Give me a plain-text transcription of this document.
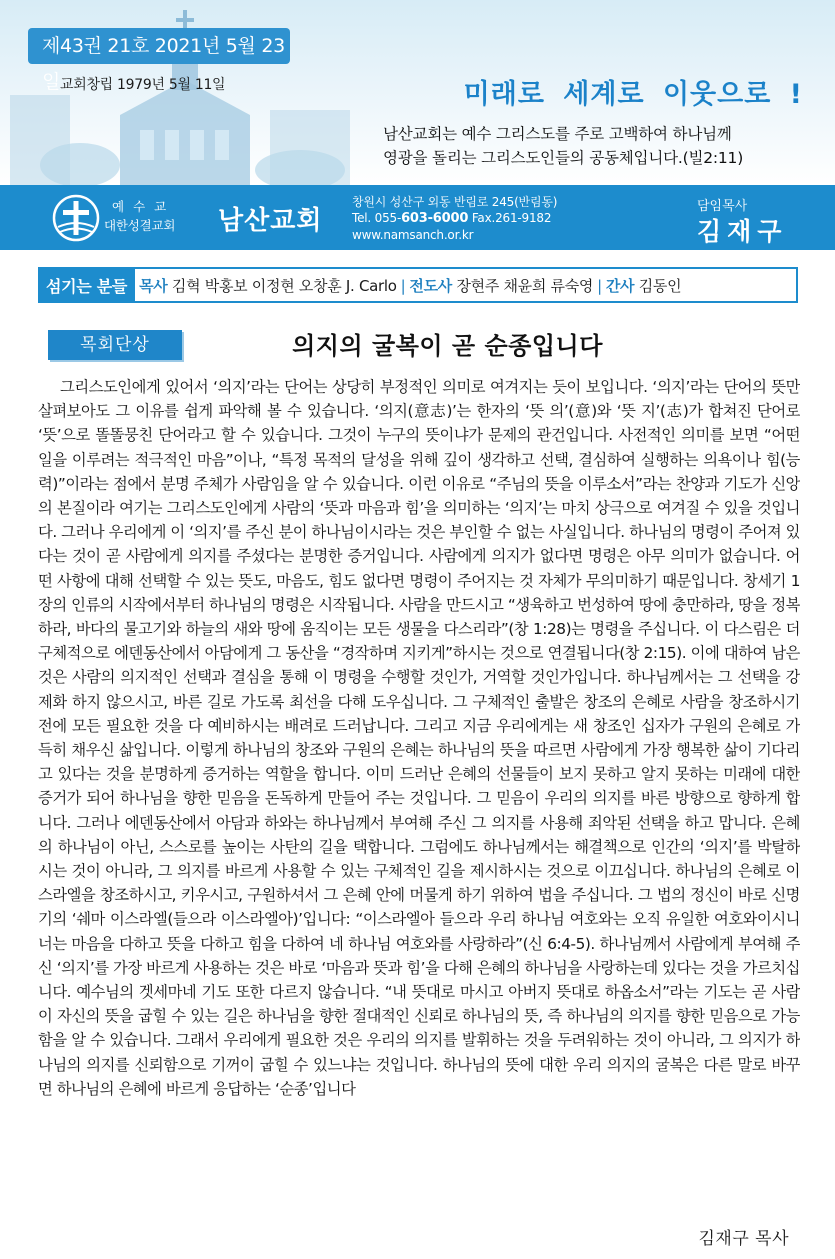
제43권 21호 2021년 5월 23일 교회창립 1979년 5월 11일	미래로 세계로 이웃으로 !
남산교회는 예수 그리스도를 주로 고백하여 하나님께
영광을 돌리는 그리스도인들의 공동체입니다.(빌2:11)
예수교
대한성결교회 남산교회
창원시 성산구 외동 반림로 245(반림동)
Tel. 055-603-6000 Fax.261-9182
www.namsanch.or.kr
담임목사
김재구
섬기는 분들 목사 김혁 박홍보 이정현 오창훈 J. Carlo | 전도사 장현주 채윤희 류숙영 | 간사 김동인
목회단상	의지의 굴복이 곧 순종입니다
그리스도인에게 있어서 ‘의지’라는 단어는 상당히 부정적인 의미로 여겨지는 듯이 보입니다. ‘의지’라는 단어의 뜻만 살펴보아도 그 이유를 쉽게 파악해 볼 수 있습니다. ‘의지(意志)’는 한자의 ‘뜻 의’(意)와 ‘뜻 지’(志)가 합쳐진 단어로 ‘뜻’으로 똘똘뭉친 단어라고 할 수 있습니다. 그것이 누구의 뜻이냐가 문제의 관건입니다. 사전적인 의미를 보면 “어떤 일을 이루려는 적극적인 마음”이나, “특정 목적의 달성을 위해 깊이 생각하고 선택, 결심하여 실행하는 의욕이나 힘(능력)”이라는 점에서 분명 주체가 사람임을 알 수 있습니다. 이런 이유로 “주님의 뜻을 이루소서”라는 찬양과 기도가 신앙의 본질이라 여기는 그리스도인에게 사람의 ‘뜻과 마음과 힘’을 의미하는 ‘의지’는 마치 상극으로 여겨질 수 있을 것입니다. 그러나 우리에게 이 ‘의지’를 주신 분이 하나님이시라는 것은 부인할 수 없는 사실입니다. 하나님의 명령이 주어져 있다는 것이 곧 사람에게 의지를 주셨다는 분명한 증거입니다. 사람에게 의지가 없다면 명령은 아무 의미가 없습니다. 어떤 사항에 대해 선택할 수 있는 뜻도, 마음도, 힘도 없다면 명령이 주어지는 것 자체가 무의미하기 때문입니다. 창세기 1장의 인류의 시작에서부터 하나님의 명령은 시작됩니다. 사람을 만드시고 “생육하고 번성하여 땅에 충만하라, 땅을 정복하라, 바다의 물고기와 하늘의 새와 땅에 움직이는 모든 생물을 다스리라”(창 1:28)는 명령을 주십니다. 이 다스림은 더 구체적으로 에덴동산에서 아담에게 그 동산을 “경작하며 지키게”하시는 것으로 연결됩니다(창 2:15). 이에 대하여 남은 것은 사람의 의지적인 선택과 결심을 통해 이 명령을 수행할 것인가, 거역할 것인가입니다. 하나님께서는 그 선택을 강제화 하지 않으시고, 바른 길로 가도록 최선을 다해 도우십니다. 그 구체적인 출발은 창조의 은혜로 사람을 창조하시기 전에 모든 필요한 것을 다 예비하시는 배려로 드러납니다. 그리고 지금 우리에게는 새 창조인 십자가 구원의 은혜로 가득히 채우신 삶입니다. 이렇게 하나님의 창조와 구원의 은혜는 하나님의 뜻을 따르면 사람에게 가장 행복한 삶이 기다리고 있다는 것을 분명하게 증거하는 역할을 합니다. 이미 드러난 은혜의 선물들이 보지 못하고 알지 못하는 미래에 대한 증거가 되어 하나님을 향한 믿음을 돈독하게 만들어 주는 것입니다. 그 믿음이 우리의 의지를 바른 방향으로 향하게 합니다. 그러나 에덴동산에서 아담과 하와는 하나님께서 부여해 주신 그 의지를 사용해 죄악된 선택을 하고 맙니다. 은혜의 하나님이 아닌, 스스로를 높이는 사탄의 길을 택합니다. 그럼에도 하나님께서는 해결책으로 인간의 ‘의지’를 박탈하시는 것이 아니라, 그 의지를 바르게 사용할 수 있는 구체적인 길을 제시하시는 것으로 이끄십니다. 하나님의 은혜로 이스라엘을 창조하시고, 키우시고, 구원하셔서 그 은혜 안에 머물게 하기 위하여 법을 주십니다. 그 법의 정신이 바로 신명기의 ‘쉐마 이스라엘(들으라 이스라엘아)’입니다: “이스라엘아 들으라 우리 하나님 여호와는 오직 유일한 여호와이시니 너는 마음을 다하고 뜻을 다하고 힘을 다하여 네 하나님 여호와를 사랑하라”(신 6:4-5). 하나님께서 사람에게 부여해 주신 ‘의지’를 가장 바르게 사용하는 것은 바로 ‘마음과 뜻과 힘’을 다해 은혜의 하나님을 사랑하는데 있다는 것을 가르치십니다. 예수님의 겟세마네 기도 또한 다르지 않습니다. “내 뜻대로 마시고 아버지 뜻대로 하옵소서”라는 기도는 곧 사람이 자신의 뜻을 굽힐 수 있는 길은 하나님을 향한 절대적인 신뢰로 하나님의 뜻, 즉 하나님의 의지를 향한 믿음으로 가능함을 알 수 있습니다. 그래서 우리에게 필요한 것은 우리의 의지를 발휘하는 것을 두려워하는 것이 아니라, 그 의지가 하나님의 의지를 신뢰함으로 기꺼이 굽힐 수 있느냐는 것입니다. 하나님의 뜻에 대한 우리 의지의 굴복은 다른 말로 바꾸면 하나님의 은혜에 바르게 응답하는 ‘순종’입니다
김재구 목사
